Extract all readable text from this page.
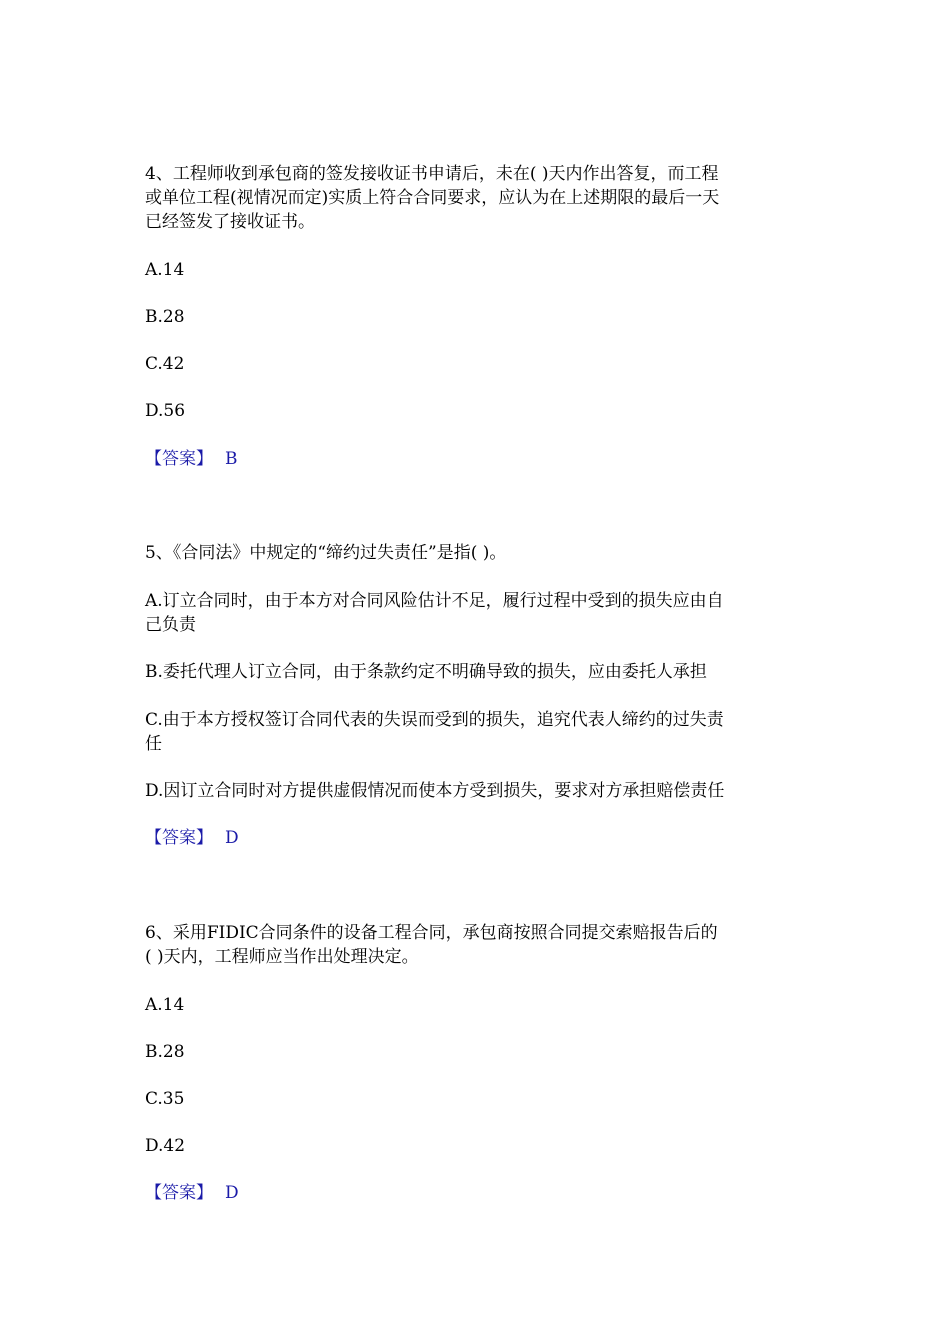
4、工程师收到承包商的签发接收证书申请后，未在( )天内作出答复，而工程
或单位工程(视情况而定)实质上符合合同要求，应认为在上述期限的最后一天
已经签发了接收证书。
A.14
B.28
C.42
D.56
【答案】 B
5、《合同法》中规定的“缔约过失责任”是指( )。
A.订立合同时，由于本方对合同风险估计不足，履行过程中受到的损失应由自
己负责
B.委托代理人订立合同，由于条款约定不明确导致的损失，应由委托人承担
C.由于本方授权签订合同代表的失误而受到的损失，追究代表人缔约的过失责
任
D.因订立合同时对方提供虚假情况而使本方受到损失，要求对方承担赔偿责任
【答案】 D
6、采用FIDIC合同条件的设备工程合同，承包商按照合同提交索赔报告后的
( )天内，工程师应当作出处理决定。
A.14
B.28
C.35
D.42
【答案】 D
